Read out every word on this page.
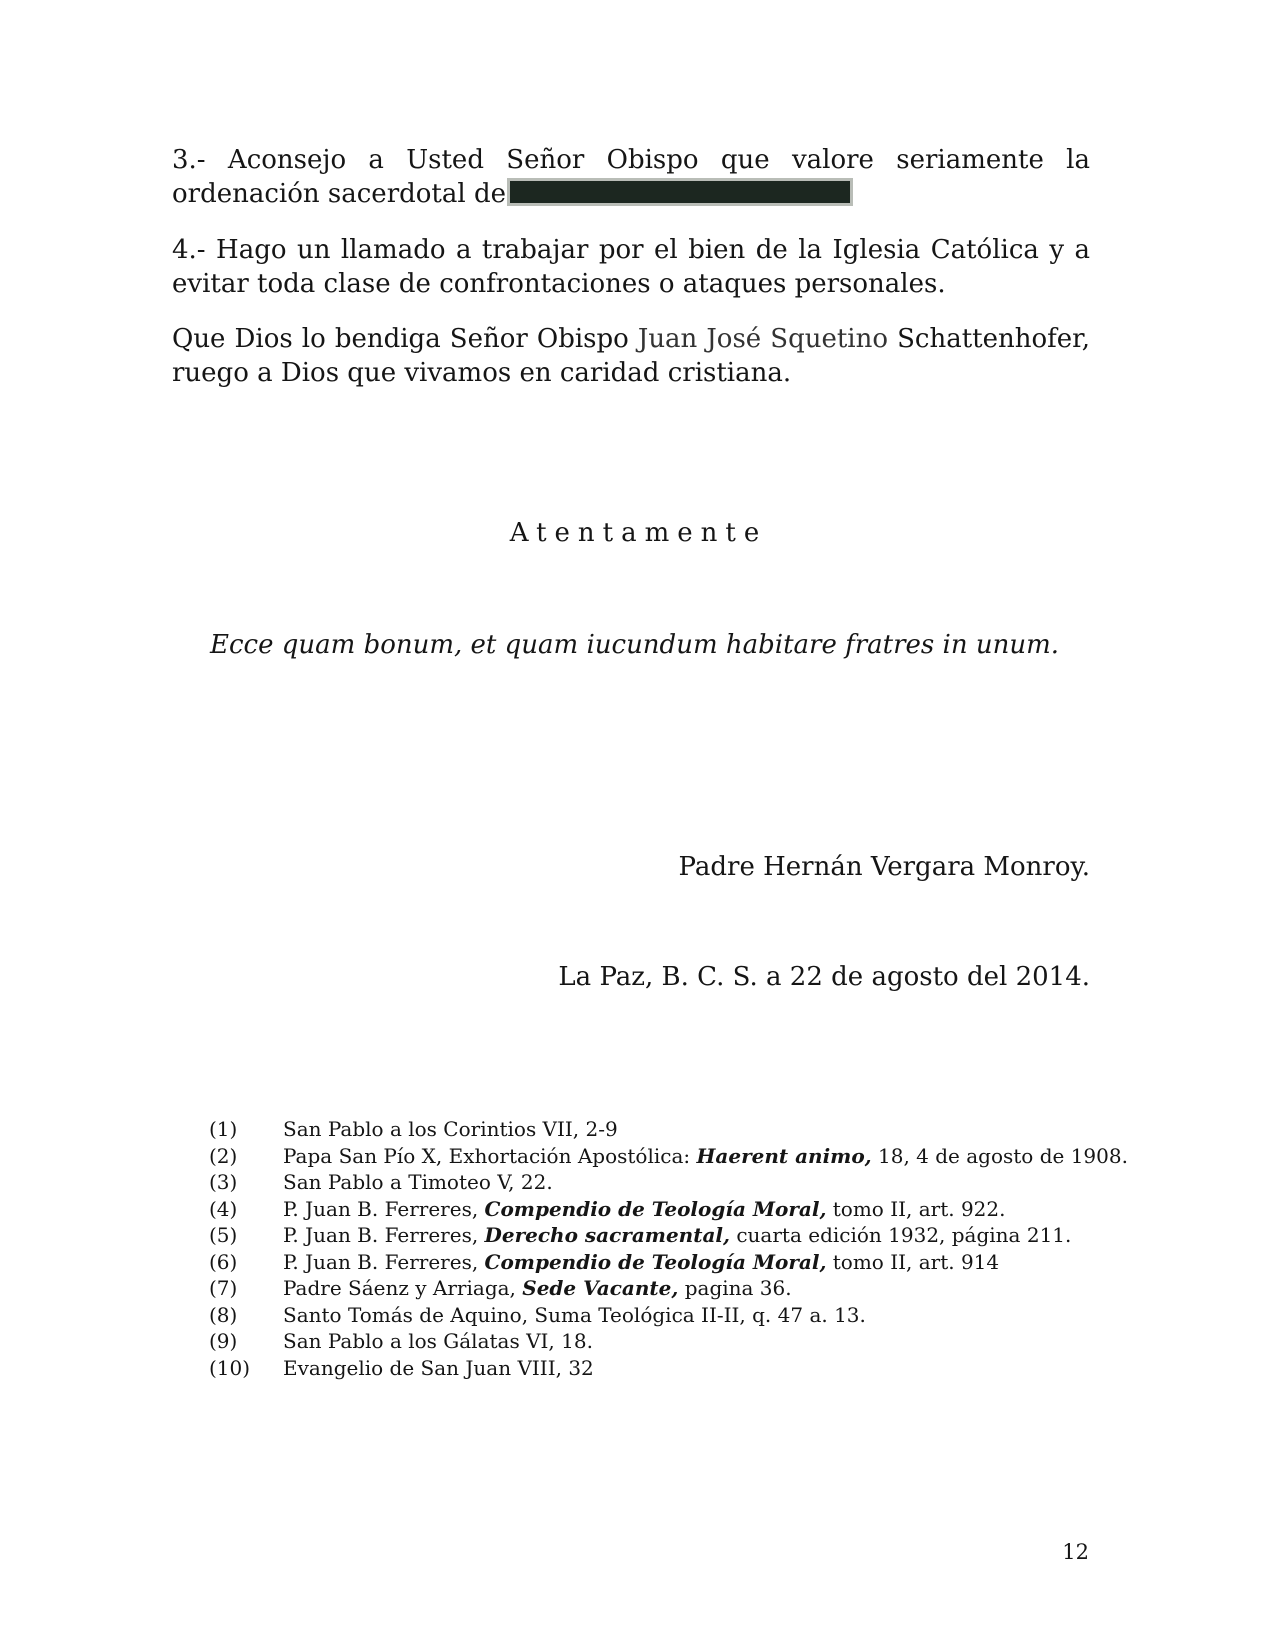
3.- Aconsejo a Usted Señor Obispo que valore seriamente la ordenación sacerdotal de

4.- Hago un llamado a trabajar por el bien de la Iglesia Católica y a evitar toda clase de confrontaciones o ataques personales.

Que Dios lo bendiga Señor Obispo Juan José Squetino Schattenhofer, ruego a Dios que vivamos en caridad cristiana.

Atentamente

Ecce quam bonum, et quam iucundum habitare fratres in unum.

Padre Hernán Vergara Monroy.

La Paz, B. C. S. a 22 de agosto del 2014.

(1)	San Pablo a los Corintios VII, 2-9
(2)	Papa San Pío X, Exhortación Apostólica: Haerent animo, 18, 4 de agosto de 1908.
(3)	San Pablo a Timoteo V, 22.
(4)	P. Juan B. Ferreres, Compendio de Teología Moral, tomo II, art. 922.
(5)	P. Juan B. Ferreres, Derecho sacramental, cuarta edición 1932, página 211.
(6)	P. Juan B. Ferreres, Compendio de Teología Moral, tomo II, art. 914
(7)	Padre Sáenz y Arriaga, Sede Vacante, pagina 36.
(8)	Santo Tomás de Aquino, Suma Teológica II-II, q. 47 a. 13.
(9)	San Pablo a los Gálatas VI, 18.
(10)	Evangelio de San Juan VIII, 32

12
